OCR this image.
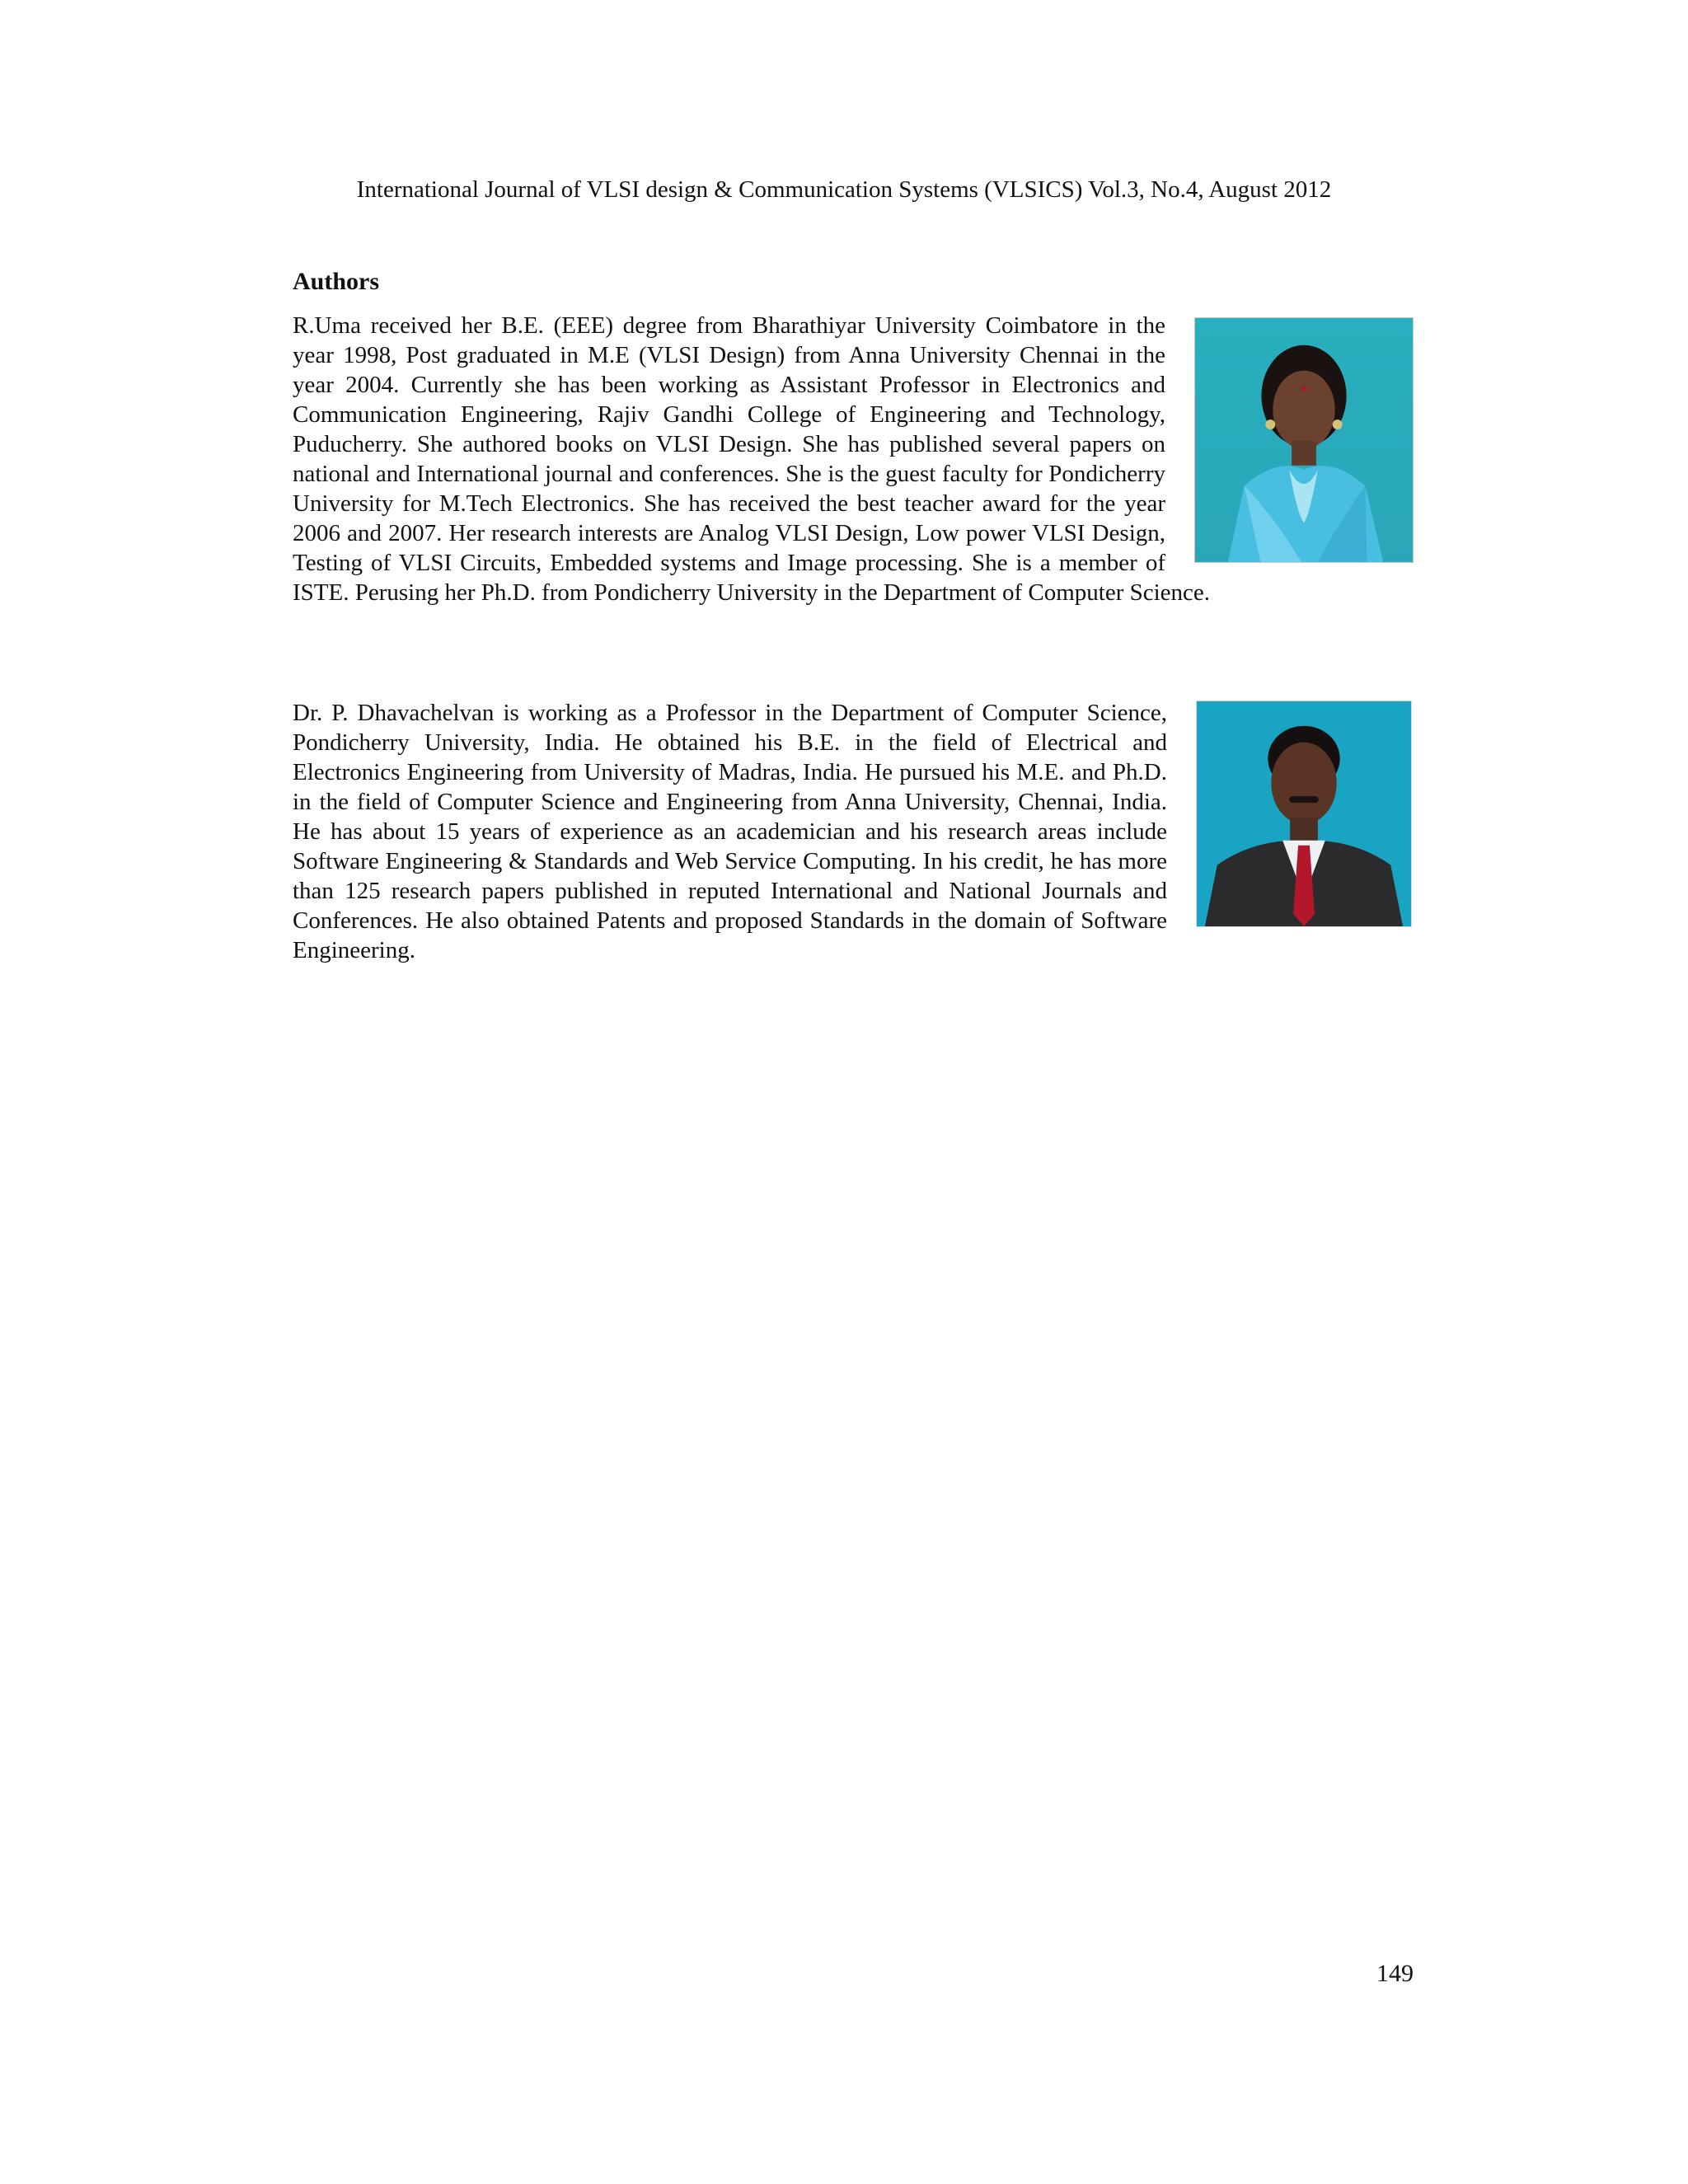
International Journal of VLSI design & Communication Systems (VLSICS) Vol.3, No.4, August 2012
Authors
R.Uma received her B.E. (EEE) degree from Bharathiyar University Coimbatore in the year 1998, Post graduated in M.E (VLSI Design) from Anna University Chennai in the year 2004. Currently she has been working as Assistant Professor in Electronics and Communication Engineering, Rajiv Gandhi College of Engineering and Technology, Puducherry. She authored books on VLSI Design. She has published several papers on national and International journal and conferences. She is the guest faculty for Pondicherry University for M.Tech Electronics. She has received the best teacher award for the year 2006 and 2007. Her research interests are Analog VLSI Design, Low power VLSI Design, Testing of VLSI Circuits, Embedded systems and Image processing. She is a member of ISTE. Perusing her Ph.D. from Pondicherry University in the Department of Computer Science.
Dr. P. Dhavachelvan is working as a Professor in the Department of Computer Science, Pondicherry University, India. He obtained his B.E. in the field of Electrical and Electronics Engineering from University of Madras, India. He pursued his M.E. and Ph.D. in the field of Computer Science and Engineering from Anna University, Chennai, India. He has about 15 years of experience as an academician and his research areas include Software Engineering & Standards and Web Service Computing. In his credit, he has more than 125 research papers published in reputed International and National Journals and Conferences. He also obtained Patents and proposed Standards in the domain of Software Engineering.
149
